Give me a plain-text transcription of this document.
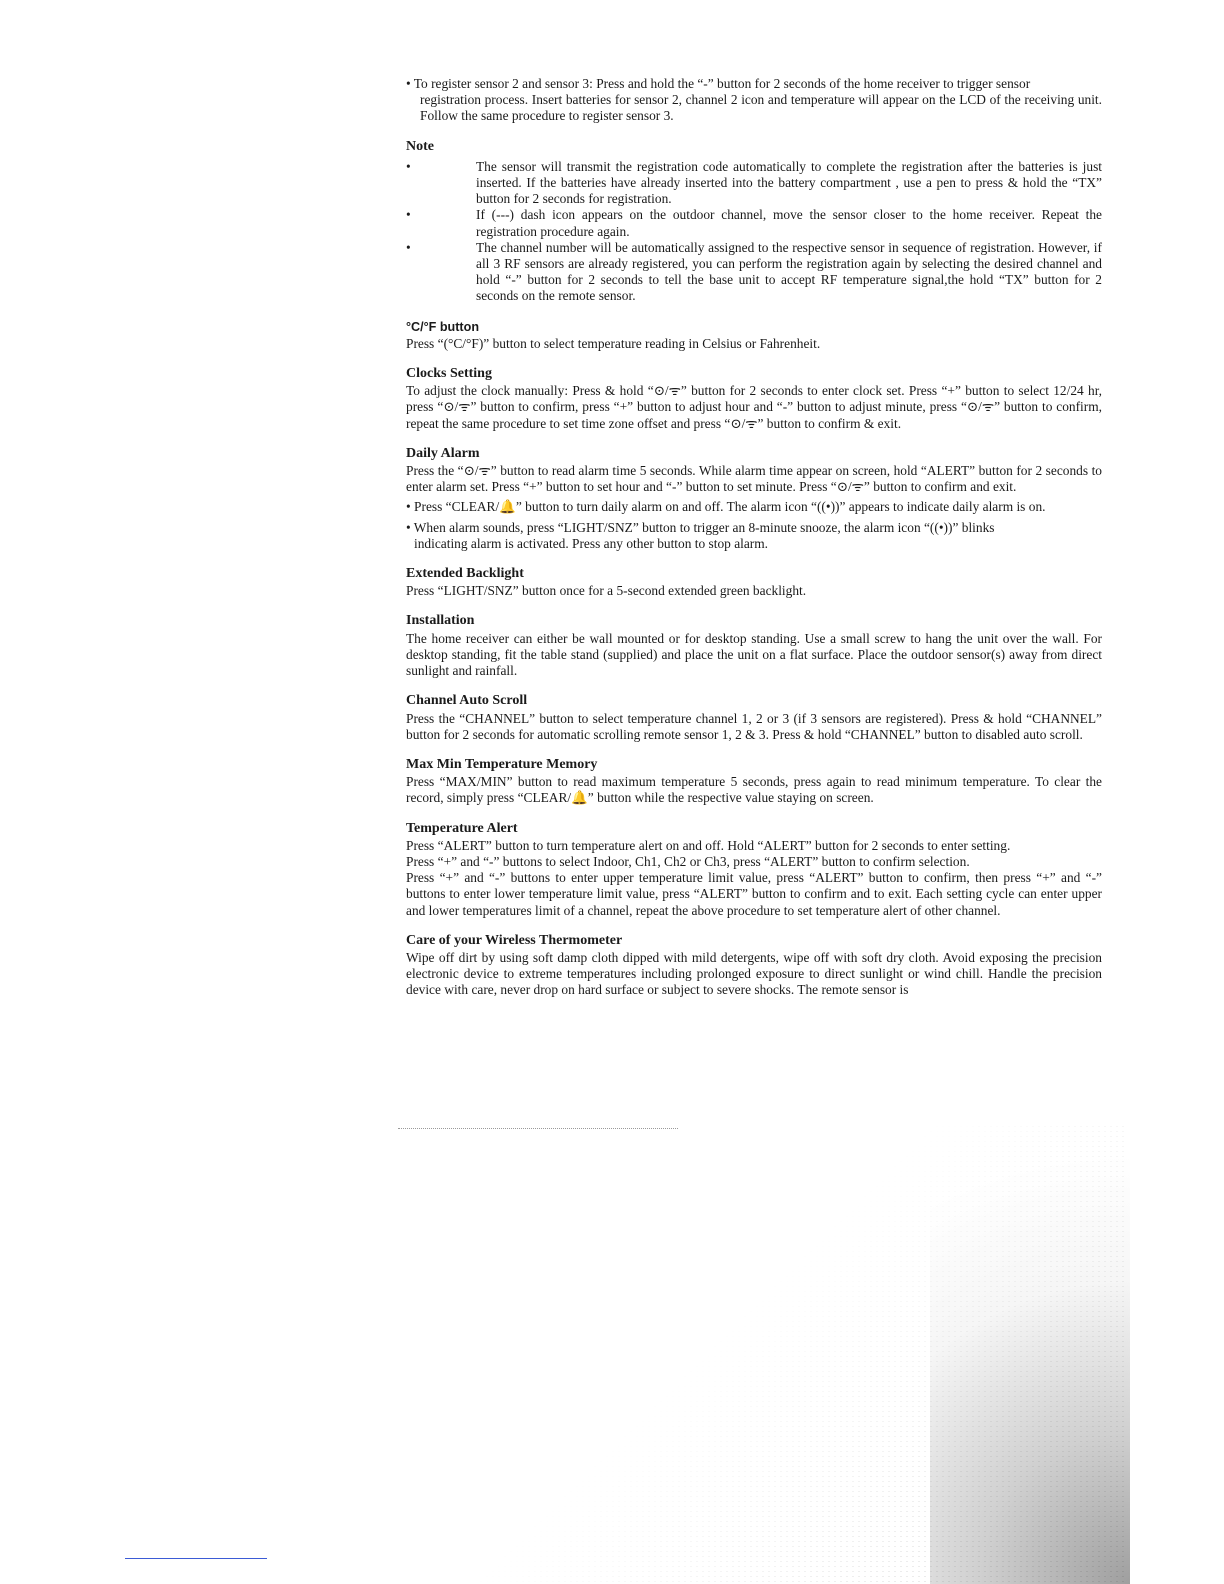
• To register sensor 2 and sensor 3: Press and hold the “-” button for 2 seconds of the home receiver to trigger sensor

registration process. Insert batteries for sensor 2, channel 2 icon and temperature will appear on the LCD of the receiving unit. Follow the same procedure to register sensor 3.

Note
•	The sensor will transmit the registration code automatically to complete the registration after the batteries is just inserted. If the batteries have already inserted into the battery compartment , use a pen to press & hold the “TX” button for 2 seconds for registration.
•	If (---) dash icon appears on the outdoor channel, move the sensor closer to the home receiver. Repeat the registration procedure again.
•	The channel number will be automatically assigned to the respective sensor in sequence of registration. However, if all 3 RF sensors are already registered, you can perform the registration again by selecting the desired channel and hold “-” button for 2 seconds to tell the base unit to accept RF temperature signal,the hold “TX” button for 2 seconds on the remote sensor.
°C/°F button

Press “(°C/°F)” button to select temperature reading in Celsius or Fahrenheit.

Clocks Setting

To adjust the clock manually: Press & hold “⊙/ᯤ” button for 2 seconds to enter clock set. Press “+” button to select 12/24 hr, press “⊙/ᯤ” button to confirm, press “+” button to adjust hour and “-” button to adjust minute, press “⊙/ᯤ” button to confirm, repeat the same procedure to set time zone offset and press “⊙/ᯤ” button to confirm & exit.

Daily Alarm

Press the “⊙/ᯤ” button to read alarm time 5 seconds. While alarm time appear on screen, hold “ALERT” button for 2 seconds to enter alarm set. Press “+” button to set hour and “-” button to set minute. Press “⊙/ᯤ” button to confirm and exit.

• Press “CLEAR/🔔” button to turn daily alarm on and off. The alarm icon “((•))” appears to indicate daily alarm is on.

• When alarm sounds, press “LIGHT/SNZ” button to trigger an 8-minute snooze, the alarm icon “((•))” blinks
indicating alarm is activated. Press any other button to stop alarm.

Extended Backlight

Press “LIGHT/SNZ” button once for a 5-second extended green backlight.

Installation

The home receiver can either be wall mounted or for desktop standing. Use a small screw to hang the unit over the wall. For desktop standing, fit the table stand (supplied) and place the unit on a flat surface. Place the outdoor sensor(s) away from direct sunlight and rainfall.

Channel Auto Scroll

Press the “CHANNEL” button to select temperature channel 1, 2 or 3 (if 3 sensors are registered). Press & hold “CHANNEL” button for 2 seconds for automatic scrolling remote sensor 1, 2 & 3. Press & hold “CHANNEL” button to disabled auto scroll.

Max Min Temperature Memory

Press “MAX/MIN” button to read maximum temperature 5 seconds, press again to read minimum temperature. To clear the record, simply press “CLEAR/🔔” button while the respective value staying on screen.

Temperature Alert

Press “ALERT” button to turn temperature alert on and off. Hold “ALERT” button for 2 seconds to enter setting.

Press “+” and “-” buttons to select Indoor, Ch1, Ch2 or Ch3, press “ALERT” button to confirm selection.

Press “+” and “-” buttons to enter upper temperature limit value, press “ALERT” button to confirm, then press “+” and “-” buttons to enter lower temperature limit value, press “ALERT” button to confirm and to exit. Each setting cycle can enter upper and lower temperatures limit of a channel, repeat the above procedure to set temperature alert of other channel.

Care of your Wireless Thermometer

Wipe off dirt by using soft damp cloth dipped with mild detergents, wipe off with soft dry cloth. Avoid exposing the precision electronic device to extreme temperatures including prolonged exposure to direct sunlight or wind chill. Handle the precision device with care, never drop on hard surface or subject to severe shocks. The remote sensor is
